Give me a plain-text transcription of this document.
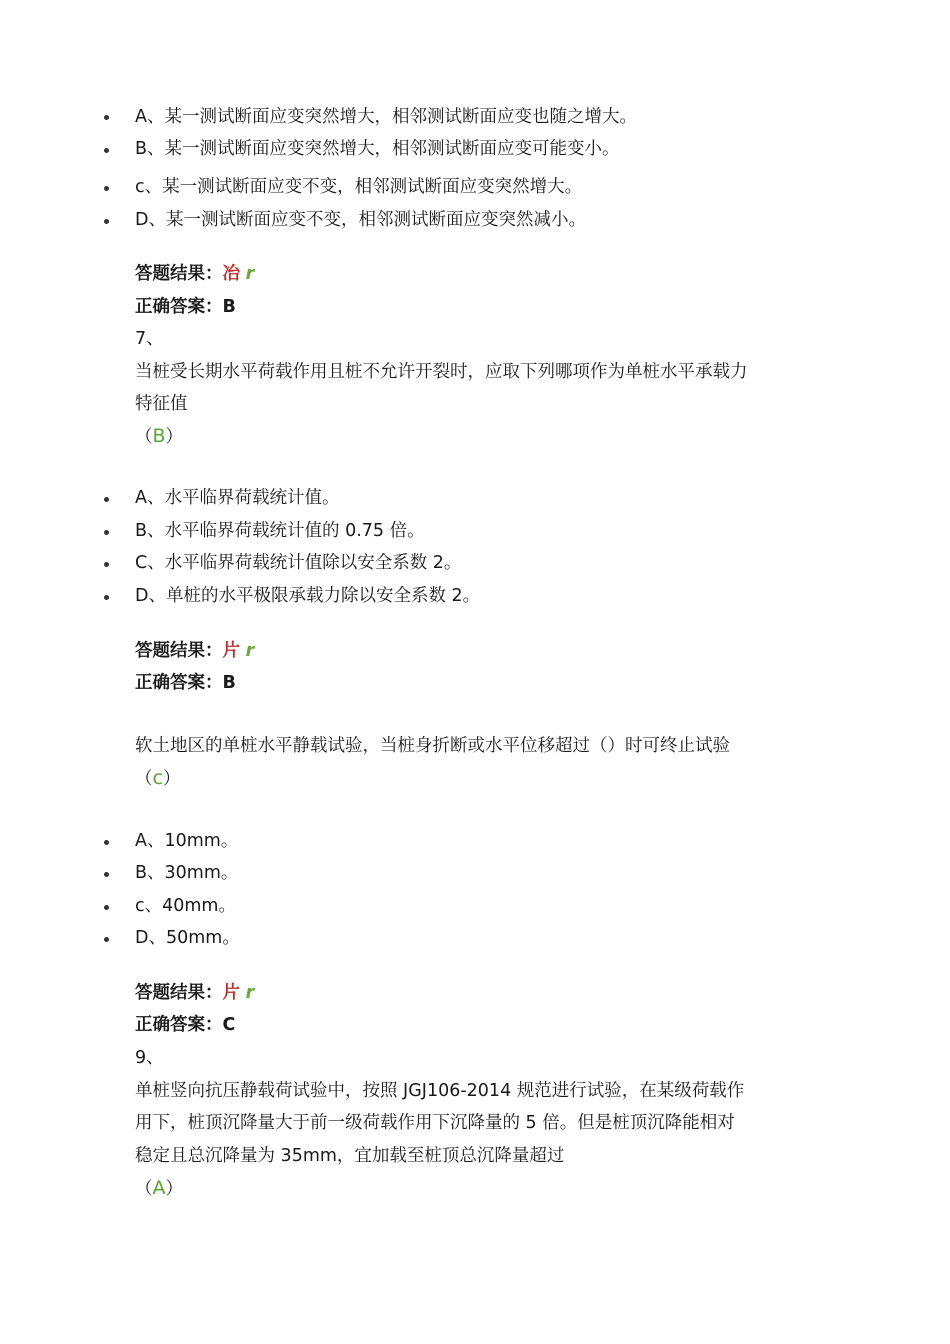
A、某一测试断面应变突然增大，相邻测试断面应变也随之增大。
B、某一测试断面应变突然增大，相邻测试断面应变可能变小。
c、某一测试断面应变不变，相邻测试断面应变突然增大。
D、某一测试断面应变不变，相邻测试断面应变突然减小。
答题结果：冶 r
正确答案：B
7、
当桩受长期水平荷载作用且桩不允许开裂时，应取下列哪项作为单桩水平承载力
特征值
（B）
A、水平临界荷载统计值。
B、水平临界荷载统计值的 0.75 倍。
C、水平临界荷载统计值除以安全系数 2。
D、单桩的水平极限承载力除以安全系数 2。
答题结果：片 r
正确答案：B
软土地区的单桩水平静载试验，当桩身折断或水平位移超过（）时可终止试验
（c）
A、10mm。
B、30mm。
c、40mm。
D、50mm。
答题结果：片 r
正确答案：C
9、
单桩竖向抗压静载荷试验中，按照 JGJ106-2014 规范进行试验，在某级荷载作
用下，桩顶沉降量大于前一级荷载作用下沉降量的 5 倍。但是桩顶沉降能相对
稳定且总沉降量为 35mm，宜加载至桩顶总沉降量超过
（A）
